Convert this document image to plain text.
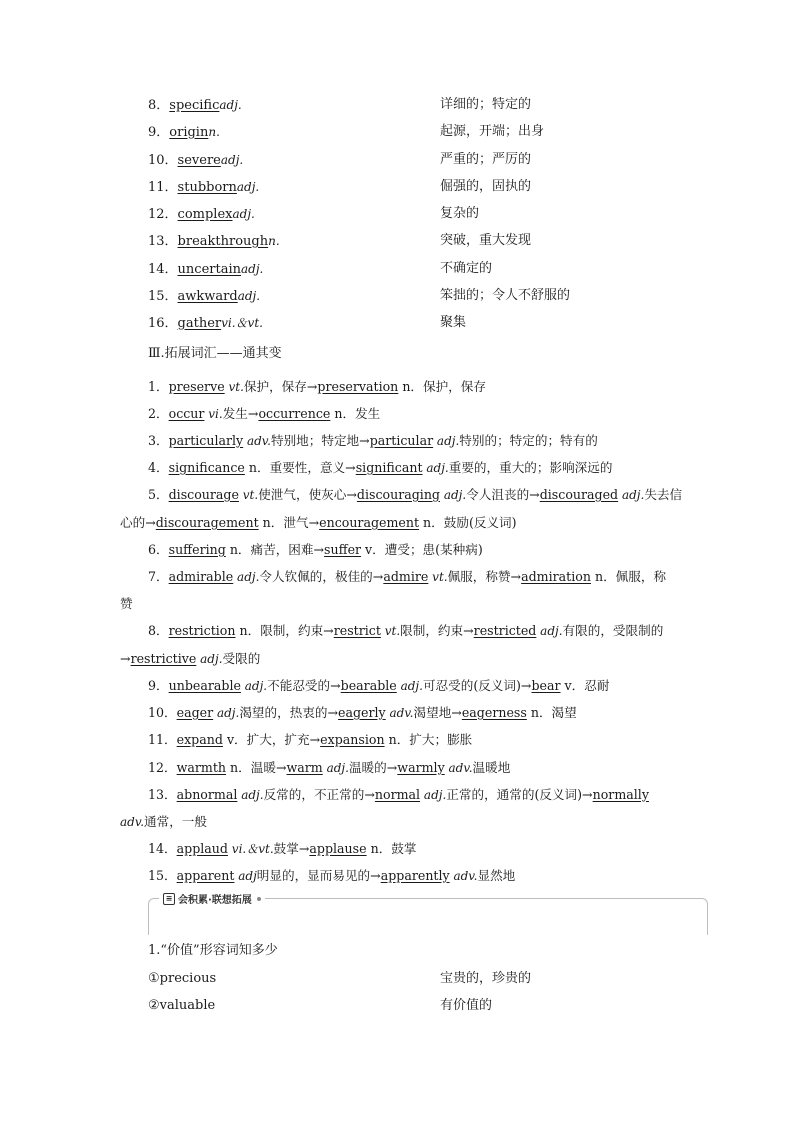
8．specificadj.	详细的；特定的
9．originn.	起源，开端；出身
10．severeadj.	严重的；严厉的
11．stubbornadj.	倔强的，固执的
12．complexadj.	复杂的
13．breakthroughn.	突破，重大发现
14．uncertainadj.	不确定的
15．awkwardadj.	笨拙的；令人不舒服的
16．gathervi.＆vt.	聚集
Ⅲ.拓展词汇——通其变
1．preserve vt.保护，保存→preservation n．保护，保存
2．occur vi.发生→occurrence n．发生
3．particularly adv.特别地；特定地→particular adj.特别的；特定的；特有的
4．significance n．重要性，意义→significant adj.重要的，重大的；影响深远的
5．discourage vt.使泄气，使灰心→discouraging adj.令人沮丧的→discouraged adj.失去信
心的→discouragement n．泄气→encouragement n．鼓励(反义词)
6．suffering n．痛苦，困难→suffer v．遭受；患(某种病)
7．admirable adj.令人钦佩的，极佳的→admire vt.佩服，称赞→admiration n．佩服，称
赞
8．restriction n．限制，约束→restrict vt.限制，约束→restricted adj.有限的，受限制的
→restrictive adj.受限的
9．unbearable adj.不能忍受的→bearable adj.可忍受的(反义词)→bear v．忍耐
10．eager adj.渴望的，热衷的→eagerly adv.渴望地→eagerness n．渴望
11．expand v．扩大，扩充→expansion n．扩大；膨胀
12．warmth n．温暖→warm adj.温暖的→warmly adv.温暖地
13．abnormal adj.反常的，不正常的→normal adj.正常的，通常的(反义词)→normally
adv.通常，一般
14．applaud vi.＆vt.鼓掌→applause n．鼓掌
15．apparent adj明显的，显而易见的→apparently adv.显然地
≡ 会积累·联想拓展
1.“价值”形容词知多少
①precious	宝贵的，珍贵的
②valuable	有价值的
